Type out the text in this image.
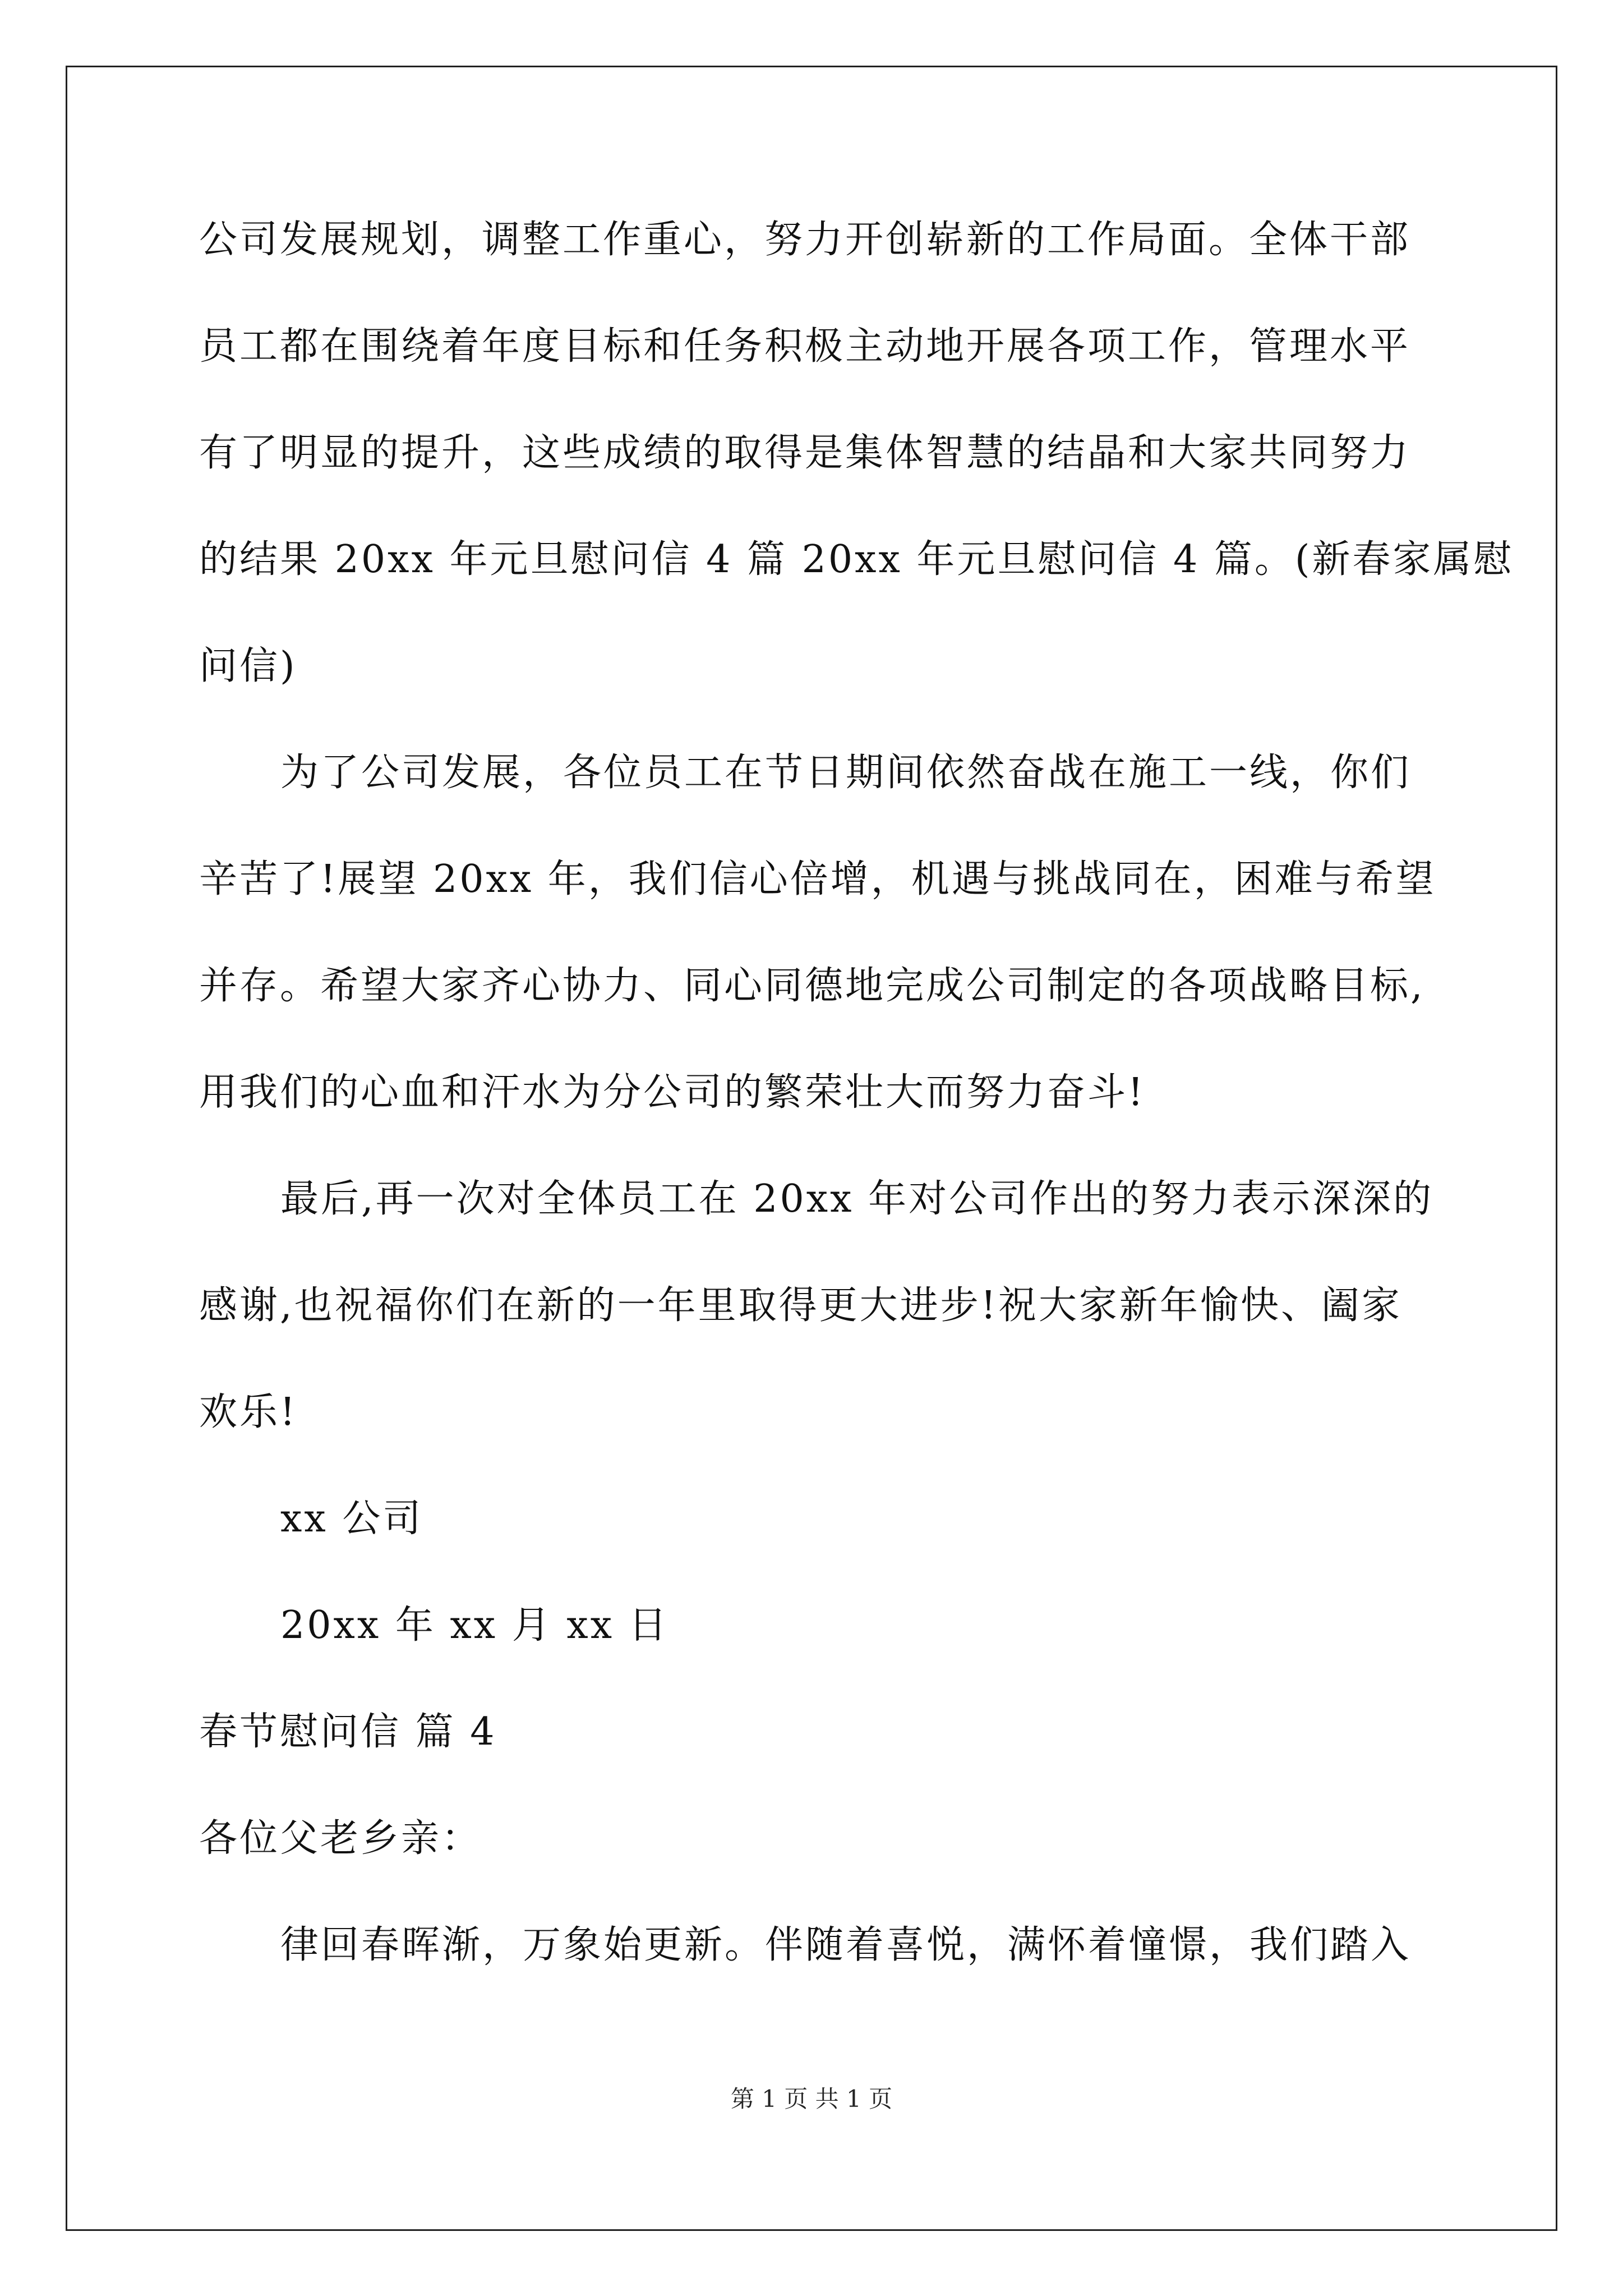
公司发展规划，调整工作重心，努力开创崭新的工作局面。全体干部
员工都在围绕着年度目标和任务积极主动地开展各项工作，管理水平
有了明显的提升，这些成绩的取得是集体智慧的结晶和大家共同努力
的结果 20xx 年元旦慰问信 4 篇 20xx 年元旦慰问信 4 篇。(新春家属慰
问信)
为了公司发展，各位员工在节日期间依然奋战在施工一线，你们
辛苦了!展望 20xx 年，我们信心倍增，机遇与挑战同在，困难与希望
并存。希望大家齐心协力、同心同德地完成公司制定的各项战略目标,
用我们的心血和汗水为分公司的繁荣壮大而努力奋斗!
最后,再一次对全体员工在 20xx 年对公司作出的努力表示深深的
感谢,也祝福你们在新的一年里取得更大进步!祝大家新年愉快、阖家
欢乐!
xx 公司
20xx 年 xx 月 xx 日
春节慰问信 篇 4
各位父老乡亲：
律回春晖渐，万象始更新。伴随着喜悦，满怀着憧憬，我们踏入
第 1 页 共 1 页
